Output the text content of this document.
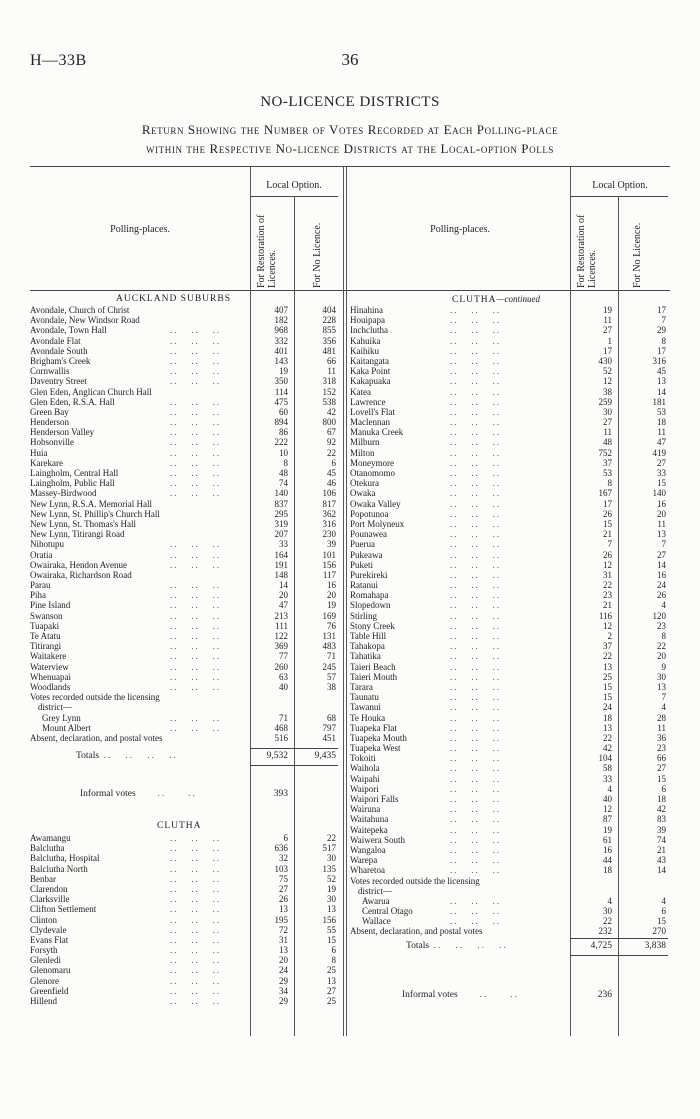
H—33B	36
NO-LICENCE DISTRICTS
Return Showing the Number of Votes Recorded at Each Polling-place
within the Respective No-licence Districts at the Local-option Polls
Local Option.	Local Option.
Polling-places.	Polling-places.
For Restoration of Licences.	For No Licence.	For Restoration of Licences.	For No Licence.
AUCKLAND SUBURBS	CLUTHA—continued
Avondale, Church of Christ	407	404
Avondale, New Windsor Road	182	228
Avondale, Town Hall	..   ..   ..	968	855
Avondale Flat	..   ..   ..	332	356
Avondale South	..   ..   ..	401	481
Brigham's Creek	..   ..   ..	143	66
Cornwallis	..   ..   ..	19	11
Daventry Street	..   ..   ..	350	318
Glen Eden, Anglican Church Hall	114	152
Glen Eden, R.S.A. Hall	..   ..   ..	475	538
Green Bay	..   ..   ..	60	42
Henderson	..   ..   ..	894	800
Henderson Valley	..   ..   ..	86	67
Hobsonville	..   ..   ..	222	92
Huia	..   ..   ..	10	22
Karekare	..   ..   ..	8	6
Laingholm, Central Hall	..   ..   ..	48	45
Laingholm, Public Hall	..   ..   ..	74	46
Massey-Birdwood	..   ..   ..	140	106
New Lynn, R.S.A. Memorial Hall	837	817
New Lynn, St. Phillip's Church Hall	295	362
New Lynn, St. Thomas's Hall	319	316
New Lynn, Titirangi Road	207	230
Nihotupu	..   ..   ..	33	39
Oratia	..   ..   ..	164	101
Owairaka, Hendon Avenue	..   ..   ..	191	156
Owairaka, Richardson Road	148	117
Parau	..   ..   ..	14	16
Piha	..   ..   ..	20	20
Pine Island	..   ..   ..	47	19
Swanson	..   ..   ..	213	169
Tuapaki	..   ..   ..	111	76
Te Atatu	..   ..   ..	122	131
Titirangi	..   ..   ..	369	483
Waitakere	..   ..   ..	77	71
Waterview	..   ..   ..	260	245
Whenuapai	..   ..   ..	63	57
Woodlands	..   ..   ..	40	38
Votes recorded outside the licensing
district—
Grey Lynn	..   ..   ..	71	68
Mount Albert	..   ..   ..	468	797
Absent, declaration, and postal votes	516	451
Totals ..   ..   ..   ..	9,532	9,435
Informal votes     ..     ..	393
CLUTHA
Awamangu	..   ..   ..	6	22
Balclutha	..   ..   ..	636	517
Balclutha, Hospital	..   ..   ..	32	30
Balclutha North	..   ..   ..	103	135
Benbar	..   ..   ..	75	52
Clarendon	..   ..   ..	27	19
Clarksville	..   ..   ..	26	30
Clifton Settlement	..   ..   ..	13	13
Clinton	..   ..   ..	195	156
Clydevale	..   ..   ..	72	55
Evans Flat	..   ..   ..	31	15
Forsyth	..   ..   ..	13	6
Glenledi	..   ..   ..	20	8
Glenomaru	..   ..   ..	24	25
Glenore	..   ..   ..	29	13
Greenfield	..   ..   ..	34	27
Hillend	..   ..   ..	29	25
Hinahina	..   ..   ..	19	17
Houipapa	..   ..   ..	11	7
Inchclutha	..   ..   ..	27	29
Kahuika	..   ..   ..	1	8
Kaihiku	..   ..   ..	17	17
Kaitangata	..   ..   ..	430	316
Kaka Point	..   ..   ..	52	45
Kakapuaka	..   ..   ..	12	13
Katea	..   ..   ..	38	14
Lawrence	..   ..   ..	259	181
Lovell's Flat	..   ..   ..	30	53
Maclennan	..   ..   ..	27	18
Manuka Creek	..   ..   ..	11	11
Milburn	..   ..   ..	48	47
Milton	..   ..   ..	752	419
Moneymore	..   ..   ..	37	27
Otanomomo	..   ..   ..	53	33
Otekura	..   ..   ..	8	15
Owaka	..   ..   ..	167	140
Owaka Valley	..   ..   ..	17	16
Popotunoa	..   ..   ..	26	20
Port Molyneux	..   ..   ..	15	11
Pounawea	..   ..   ..	21	13
Puerua	..   ..   ..	7	7
Pukeawa	..   ..   ..	26	27
Puketi	..   ..   ..	12	14
Purekireki	..   ..   ..	31	16
Ratanui	..   ..   ..	22	24
Romahapa	..   ..   ..	23	26
Slopedown	..   ..   ..	21	4
Stirling	..   ..   ..	116	120
Stony Creek	..   ..   ..	12	23
Table Hill	..   ..   ..	2	8
Tahakopa	..   ..   ..	37	22
Tahatika	..   ..   ..	22	20
Taieri Beach	..   ..   ..	13	9
Taieri Mouth	..   ..   ..	25	30
Tarara	..   ..   ..	15	13
Taunatu	..   ..   ..	15	7
Tawanui	..   ..   ..	24	4
Te Houka	..   ..   ..	18	28
Tuapeka Flat	..   ..   ..	13	11
Tuapeka Mouth	..   ..   ..	22	36
Tuapeka West	..   ..   ..	42	23
Tokoiti	..   ..   ..	104	66
Waihola	..   ..   ..	58	27
Waipahi	..   ..   ..	33	15
Waipori	..   ..   ..	4	6
Waipori Falls	..   ..   ..	40	18
Wairuna	..   ..   ..	12	42
Waitahuna	..   ..   ..	87	83
Waitepeka	..   ..   ..	19	39
Waiwera South	..   ..   ..	61	74
Wangaloa	..   ..   ..	16	21
Warepa	..   ..   ..	44	43
Wharetoa	..   ..   ..	18	14
Votes recorded outside the licensing
district—
Awarua	..   ..   ..	4	4
Central Otago	..   ..   ..	30	6
Wallace	..   ..   ..	22	15
Absent, declaration, and postal votes	232	270
Totals ..   ..   ..   ..	4,725	3,838
Informal votes     ..     ..	236
